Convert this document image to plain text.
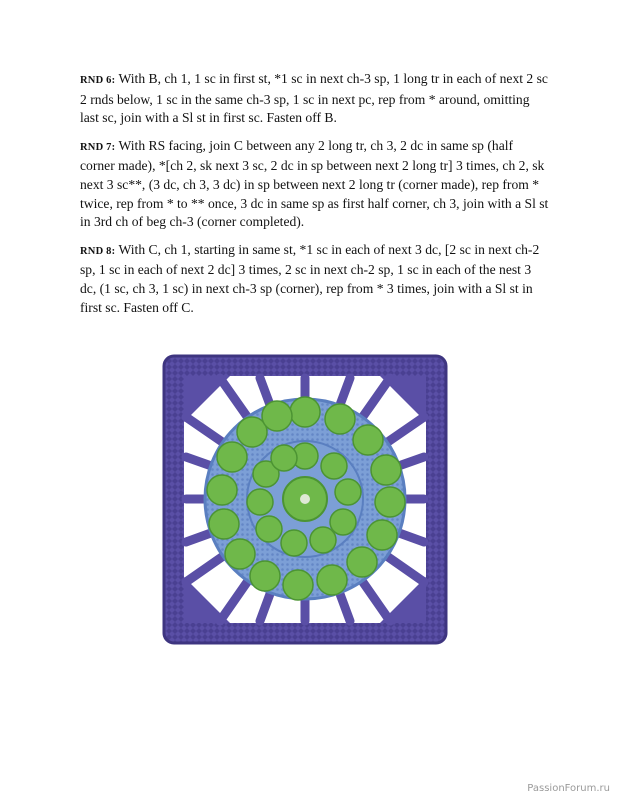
RND 6: With B, ch 1, 1 sc in first st, *1 sc in next ch-3 sp, 1 long tr in each of next 2 sc 2 rnds below, 1 sc in the same ch-3 sp, 1 sc in next pc, rep from * around, omitting last sc, join with a Sl st in first sc. Fasten off B.

RND 7: With RS facing, join C between any 2 long tr, ch 3, 2 dc in same sp (half corner made), *[ch 2, sk next 3 sc, 2 dc in sp between next 2 long tr] 3 times, ch 2, sk next 3 sc**, (3 dc, ch 3, 3 dc) in sp between next 2 long tr (corner made), rep from * twice, rep from * to ** once, 3 dc in same sp as first half corner, ch 3, join with a Sl st in 3rd ch of beg ch-3 (corner completed).

RND 8: With C, ch 1, starting in same st, *1 sc in each of next 3 dc, [2 sc in next ch-2 sp, 1 sc in each of next 2 dc] 3 times, 2 sc in next ch-2 sp, 1 sc in each of the nest 3 dc, (1 sc, ch 3, 1 sc) in next ch-3 sp (corner), rep from * 3 times, join with a Sl st in first sc. Fasten off C.

PassionForum.ru
